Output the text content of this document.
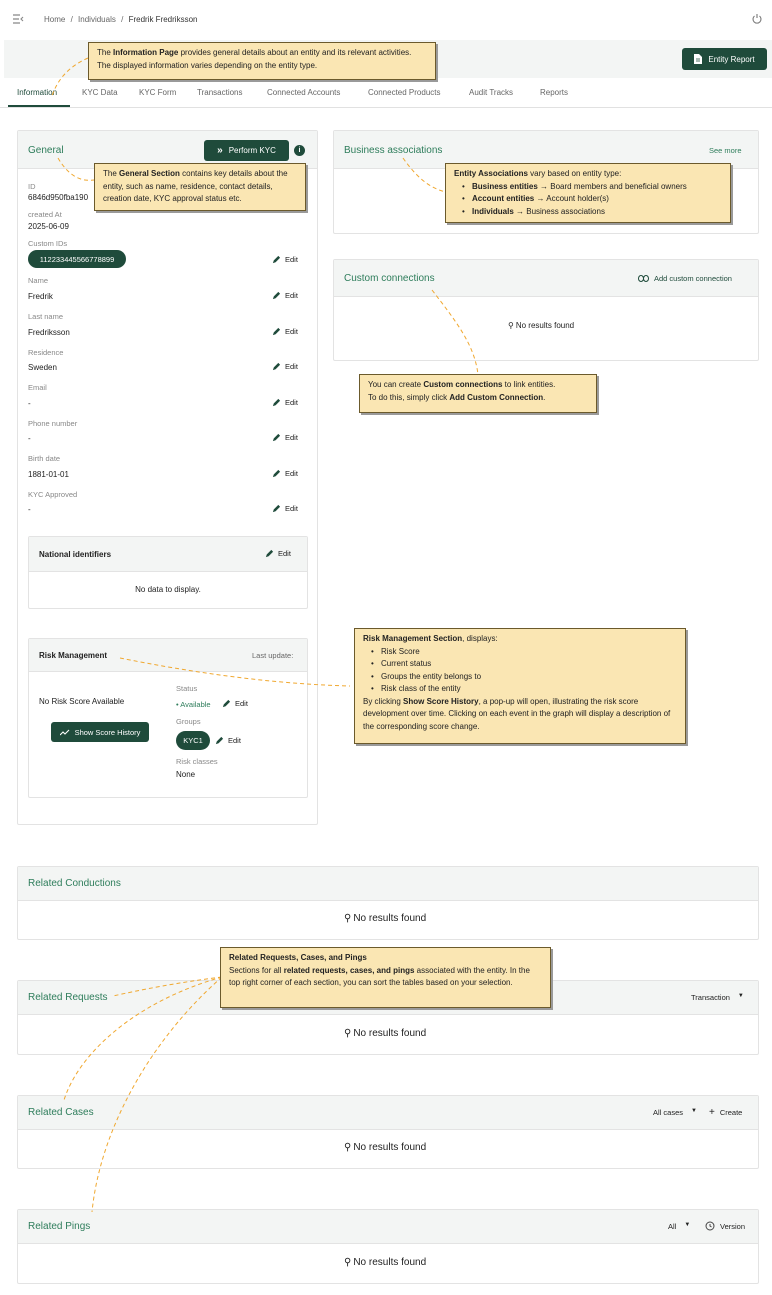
Home / Individuals / Fredrik Fredriksson
Entity Report
Information	KYC Data	KYC Form	Transactions	Connected Accounts	Connected Products	Audit Tracks	Reports
General	» Perform KYC	i
ID
6846d950fba190
created At
2025-06-09
Custom IDs
112233445566778899	Edit
Name
Fredrik	Edit
Last name
Fredriksson	Edit
Residence
Sweden	Edit
Email
-	Edit
Phone number
-	Edit
Birth date
1881-01-01	Edit
KYC Approved
-	Edit
National identifiers	Edit
No data to display.
Risk Management	Last update:
No Risk Score Available
Show Score History
Status
• Available	Edit
Groups
KYC1	Edit
Risk classes
None
Business associations	See more
Custom connections	Add custom connection
⚲ No results found
Related Conductions
⚲ No results found
Related Requests	Transaction ▼
⚲ No results found
Related Cases	All cases ▼ + Create
⚲ No results found
Related Pings	All ▼	Version
⚲ No results found
The Information Page provides general details about an entity and its relevant activities. The displayed information varies depending on the entity type.
The General Section contains key details about the entity, such as name, residence, contact details, creation date, KYC approval status etc.
Entity Associations vary based on entity type:
• Business entities → Board members and beneficial owners
• Account entities → Account holder(s)
• Individuals → Business associations
You can create Custom connections to link entities.
To do this, simply click Add Custom Connection.
Risk Management Section, displays:
• Risk Score
• Current status
• Groups the entity belongs to
• Risk class of the entity
By clicking Show Score History, a pop-up will open, illustrating the risk score development over time. Clicking on each event in the graph will display a description of the corresponding score change.
Related Requests, Cases, and Pings
Sections for all related requests, cases, and pings associated with the entity. In the top right corner of each section, you can sort the tables based on your selection.
